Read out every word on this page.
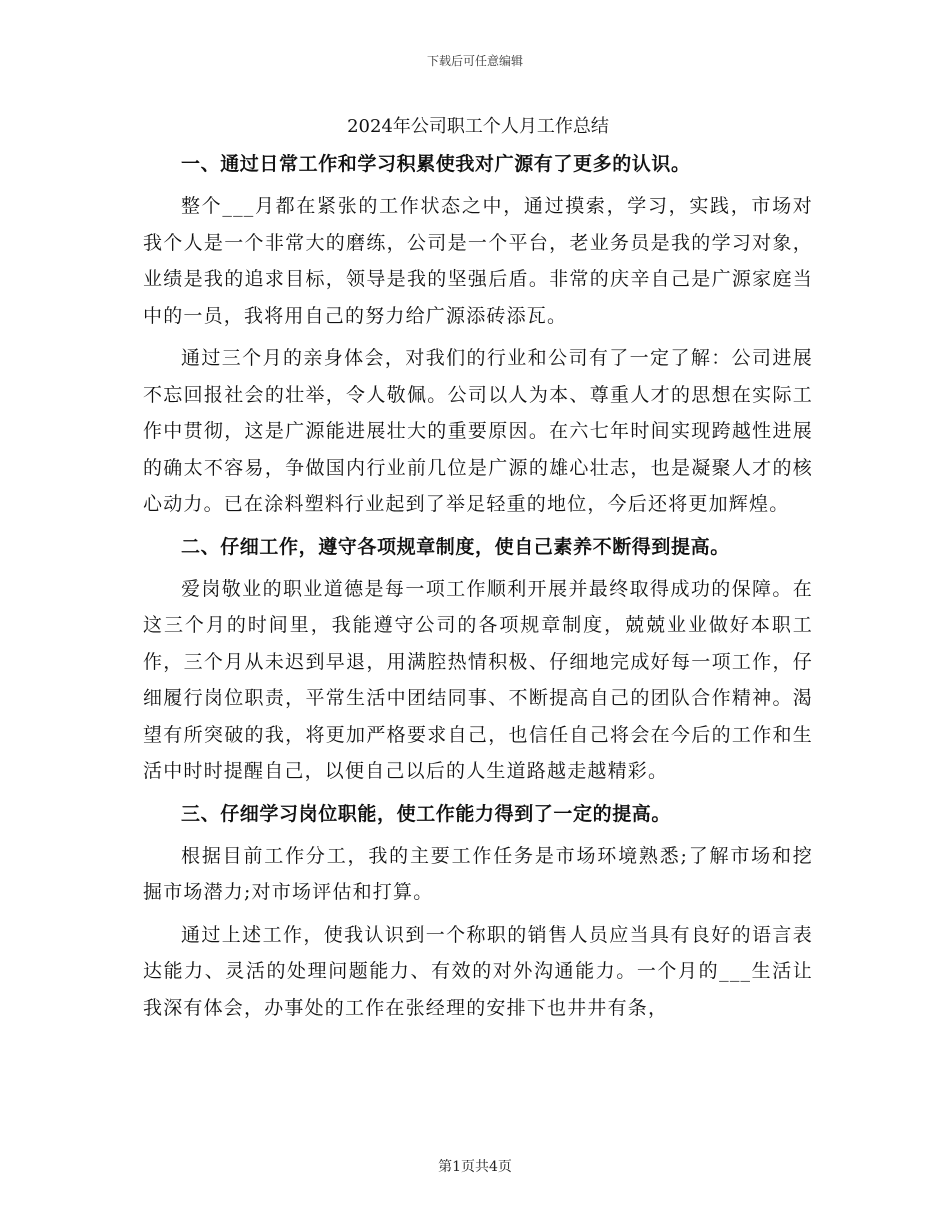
下载后可任意编辑
2024年公司职工个人月工作总结
一、通过日常工作和学习积累使我对广源有了更多的认识。

整个___月都在紧张的工作状态之中，通过摸索，学习，实践，市场对我个人是一个非常大的磨练，公司是一个平台，老业务员是我的学习对象，业绩是我的追求目标，领导是我的坚强后盾。非常的庆辛自己是广源家庭当中的一员，我将用自己的努力给广源添砖添瓦。

通过三个月的亲身体会，对我们的行业和公司有了一定了解：公司进展不忘回报社会的壮举，令人敬佩。公司以人为本、尊重人才的思想在实际工作中贯彻，这是广源能进展壮大的重要原因。在六七年时间实现跨越性进展的确太不容易，争做国内行业前几位是广源的雄心壮志，也是凝聚人才的核心动力。已在涂料塑料行业起到了举足轻重的地位，今后还将更加辉煌。

二、仔细工作，遵守各项规章制度，使自己素养不断得到提高。

爱岗敬业的职业道德是每一项工作顺利开展并最终取得成功的保障。在这三个月的时间里，我能遵守公司的各项规章制度，兢兢业业做好本职工作，三个月从未迟到早退，用满腔热情积极、仔细地完成好每一项工作，仔细履行岗位职责，平常生活中团结同事、不断提高自己的团队合作精神。渴望有所突破的我，将更加严格要求自己，也信任自己将会在今后的工作和生活中时时提醒自己，以便自己以后的人生道路越走越精彩。

三、仔细学习岗位职能，使工作能力得到了一定的提高。

根据目前工作分工，我的主要工作任务是市场环境熟悉;了解市场和挖掘市场潜力;对市场评估和打算。

通过上述工作，使我认识到一个称职的销售人员应当具有良好的语言表达能力、灵活的处理问题能力、有效的对外沟通能力。一个月的___生活让我深有体会，办事处的工作在张经理的安排下也井井有条，

第1页共4页
